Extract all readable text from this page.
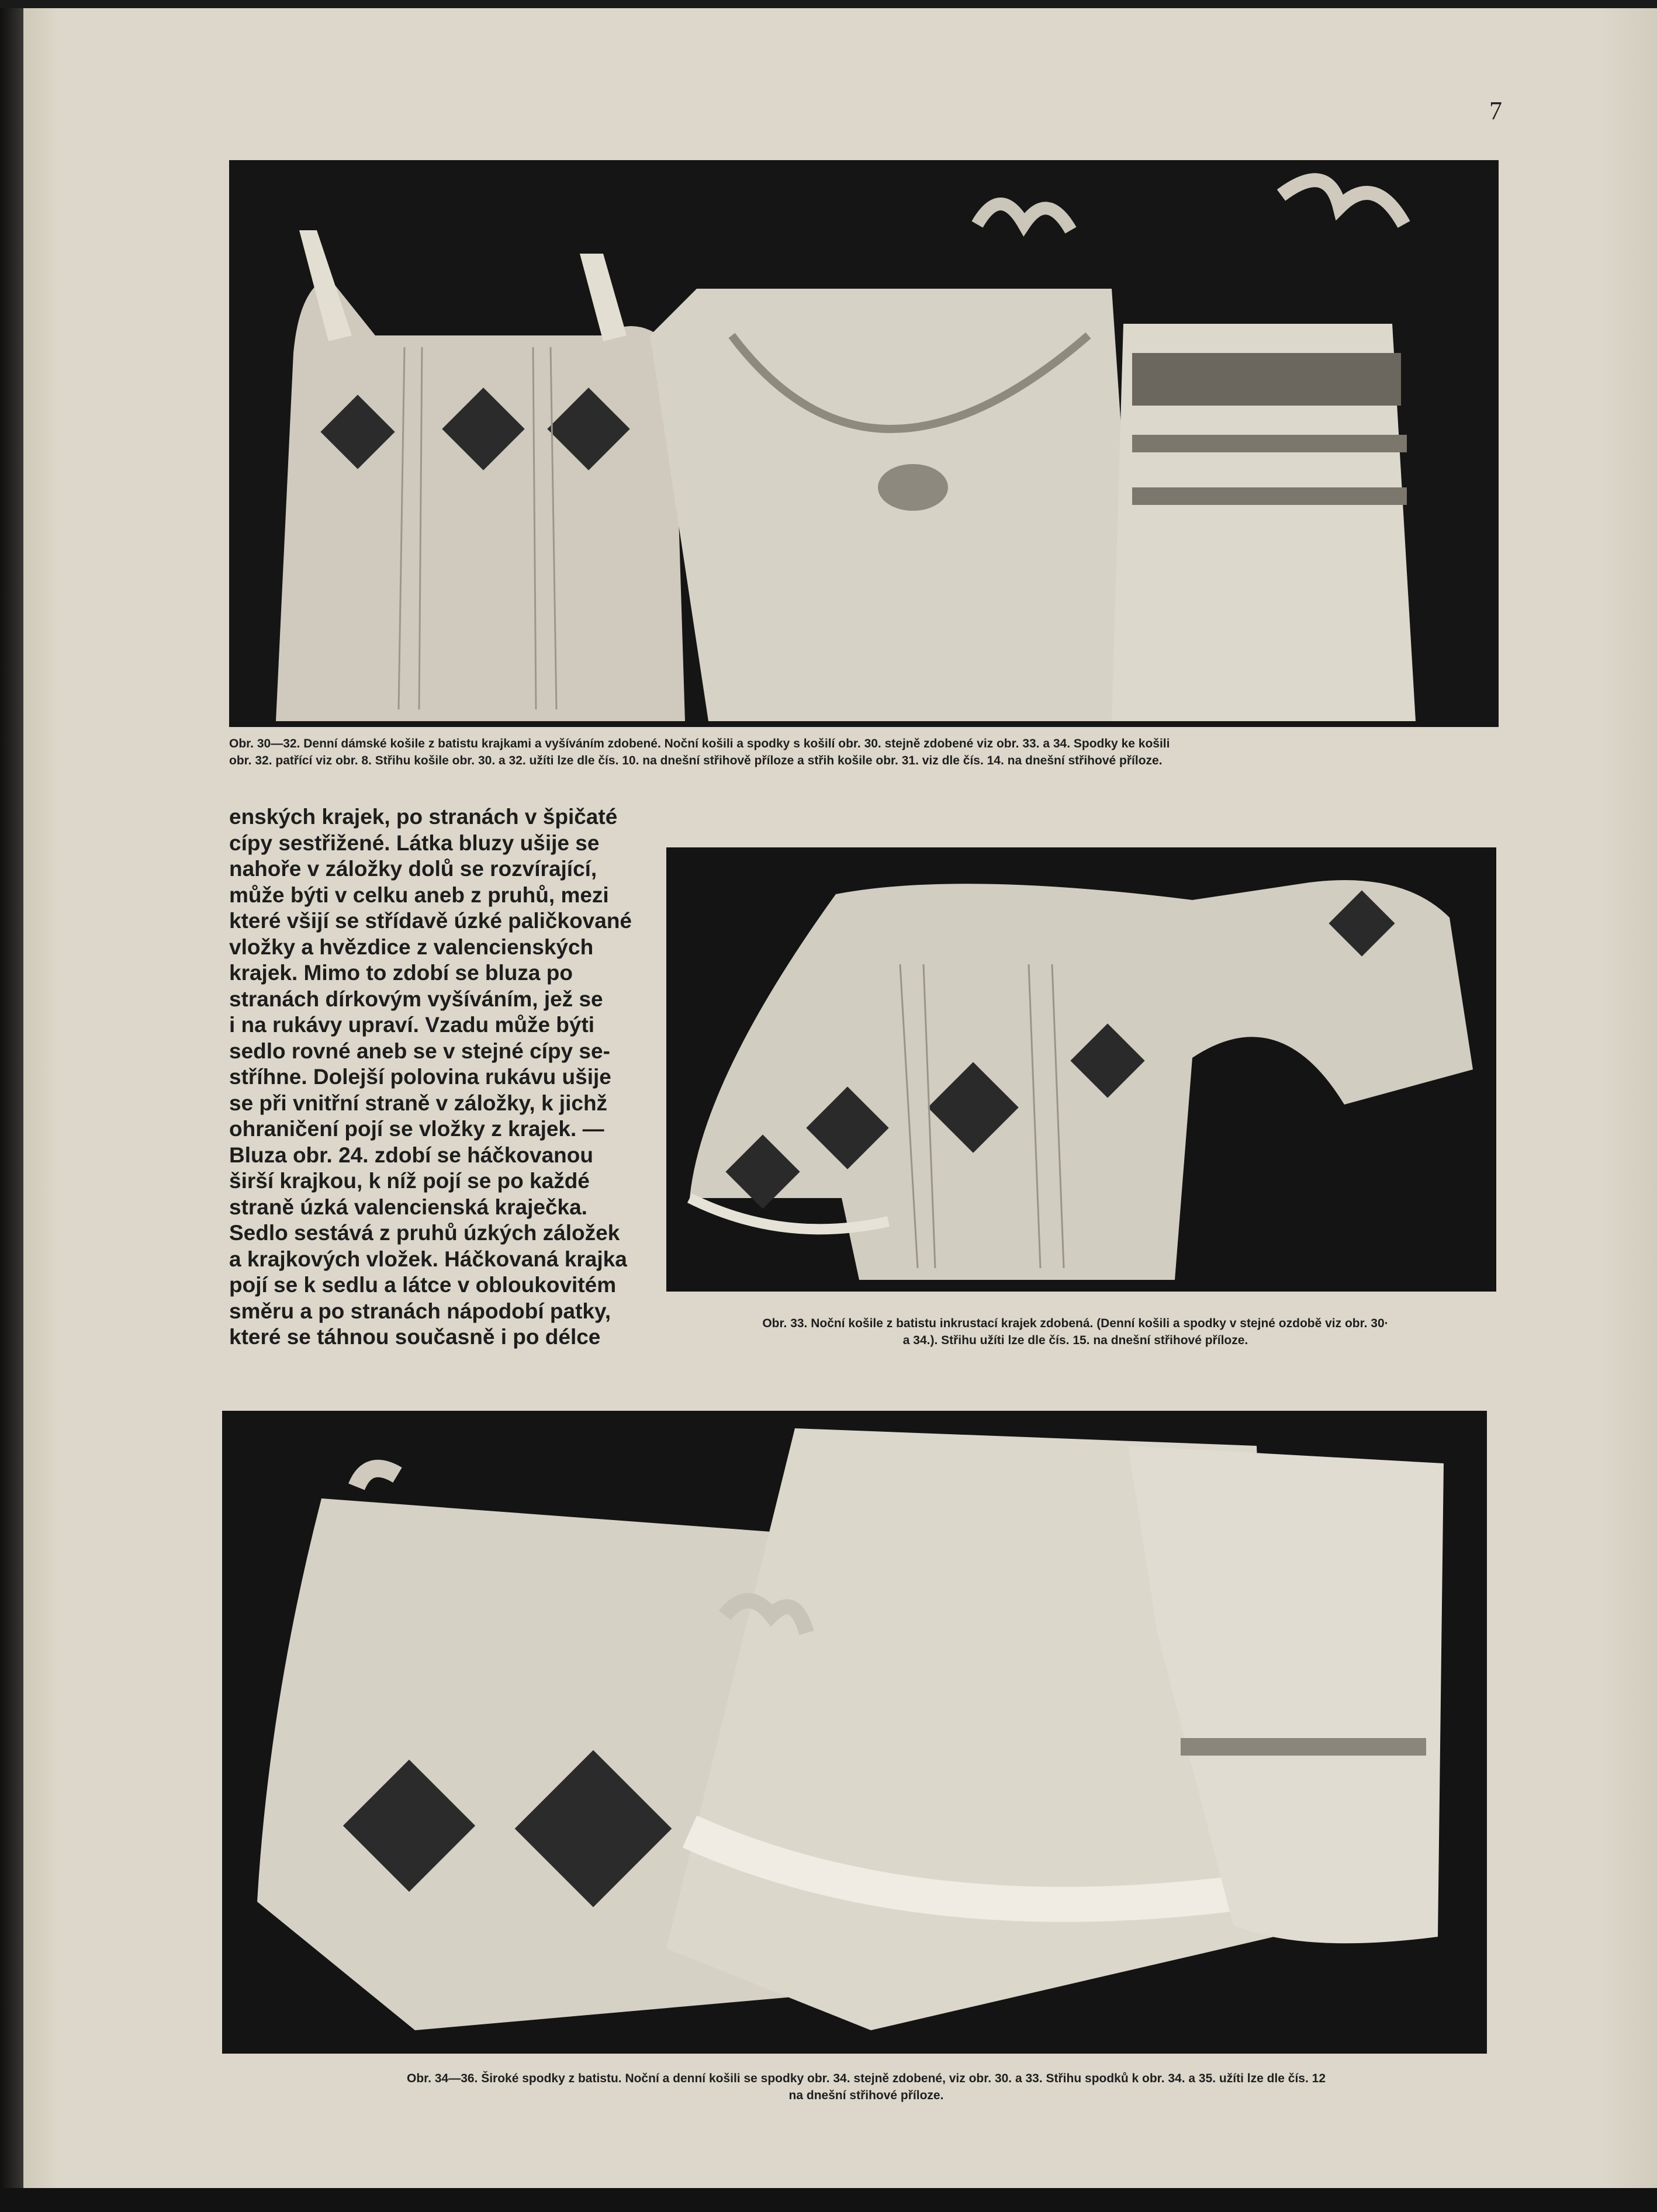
7
Obr. 30—32. Denní dámské košile z batistu krajkami a vyšíváním zdobené. Noční košili a spodky s košilí obr. 30. stejně zdobené viz obr. 33. a 34. Spodky ke košili
obr. 32. patřící viz obr. 8. Střihu košile obr. 30. a 32. užíti lze dle čís. 10. na dnešní střihově příloze a střih košile obr. 31. viz dle čís. 14. na dnešní střihové příloze.
enských krajek, po stranách v špičaté
cípy sestřižené. Látka bluzy ušije se
nahoře v záložky dolů se rozvírající,
může býti v celku aneb z pruhů, mezi
které všijí se střídavě úzké paličkované
vložky a hvězdice z valencienských
krajek. Mimo to zdobí se bluza po
stranách dírkovým vyšíváním, jež se
i na rukávy upraví. Vzadu může býti
sedlo rovné aneb se v stejné cípy se-
stříhne. Dolejší polovina rukávu ušije
se při vnitřní straně v záložky, k jichž
ohraničení pojí se vložky z krajek. —
Bluza obr. 24. zdobí se háčkovanou
širší krajkou, k níž pojí se po každé
straně úzká valencienská kraječka.
Sedlo sestává z pruhů úzkých záložek
a krajkových vložek. Háčkovaná krajka
pojí se k sedlu a látce v obloukovitém
směru a po stranách nápodobí patky,
které se táhnou současně i po délce
Obr. 33. Noční košile z batistu inkrustací krajek zdobená. (Denní košili a spodky v stejné ozdobě viz obr. 30·
a 34.). Střihu užíti lze dle čís. 15. na dnešní střihové příloze.
Obr. 34—36. Široké spodky z batistu. Noční a denní košili se spodky obr. 34. stejně zdobené, viz obr. 30. a 33. Střihu spodků k obr. 34. a 35. užíti lze dle čís. 12
na dnešní střihové příloze.
